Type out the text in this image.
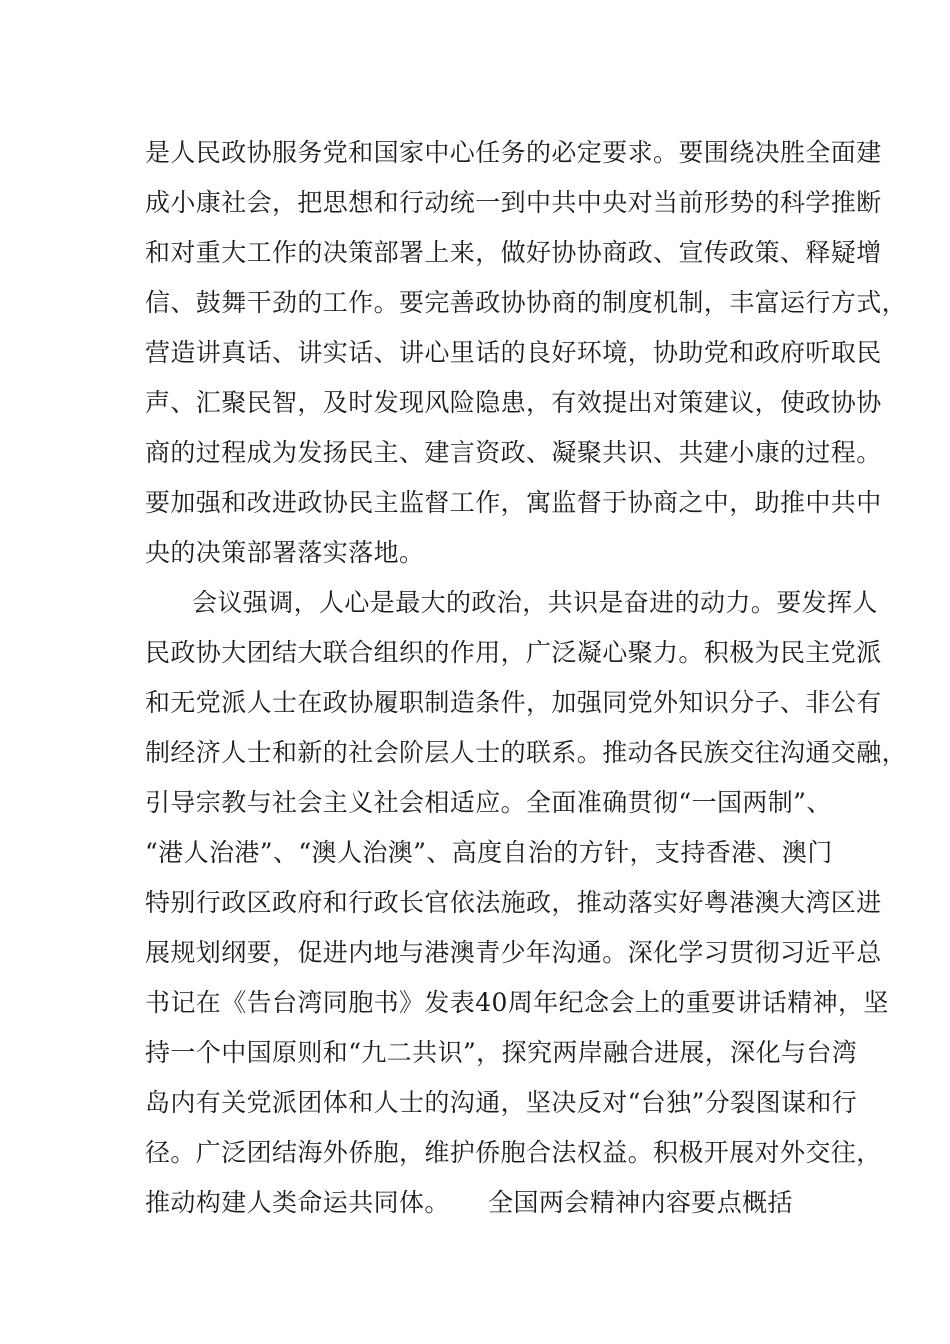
是人民政协服务党和国家中心任务的必定要求。要围绕决胜全面建
成小康社会，把思想和行动统一到中共中央对当前形势的科学推断
和对重大工作的决策部署上来，做好协协商政、宣传政策、释疑增
信、鼓舞干劲的工作。要完善政协协商的制度机制，丰富运行方式，
营造讲真话、讲实话、讲心里话的良好环境，协助党和政府听取民
声、汇聚民智，及时发现风险隐患，有效提出对策建议，使政协协
商的过程成为发扬民主、建言资政、凝聚共识、共建小康的过程。
要加强和改进政协民主监督工作，寓监督于协商之中，助推中共中
央的决策部署落实落地。
会议强调，人心是最大的政治，共识是奋进的动力。要发挥人
民政协大团结大联合组织的作用，广泛凝心聚力。积极为民主党派
和无党派人士在政协履职制造条件，加强同党外知识分子、非公有
制经济人士和新的社会阶层人士的联系。推动各民族交往沟通交融，
引导宗教与社会主义社会相适应。全面准确贯彻“一国两制”、
“港人治港”、“澳人治澳”、高度自治的方针，支持香港、澳门
特别行政区政府和行政长官依法施政，推动落实好粤港澳大湾区进
展规划纲要，促进内地与港澳青少年沟通。深化学习贯彻习近平总
书记在《告台湾同胞书》发表40周年纪念会上的重要讲话精神，坚
持一个中国原则和“九二共识”，探究两岸融合进展，深化与台湾
岛内有关党派团体和人士的沟通，坚决反对“台独”分裂图谋和行
径。广泛团结海外侨胞，维护侨胞合法权益。积极开展对外交往，
推动构建人类命运共同体。　　全国两会精神内容要点概括
